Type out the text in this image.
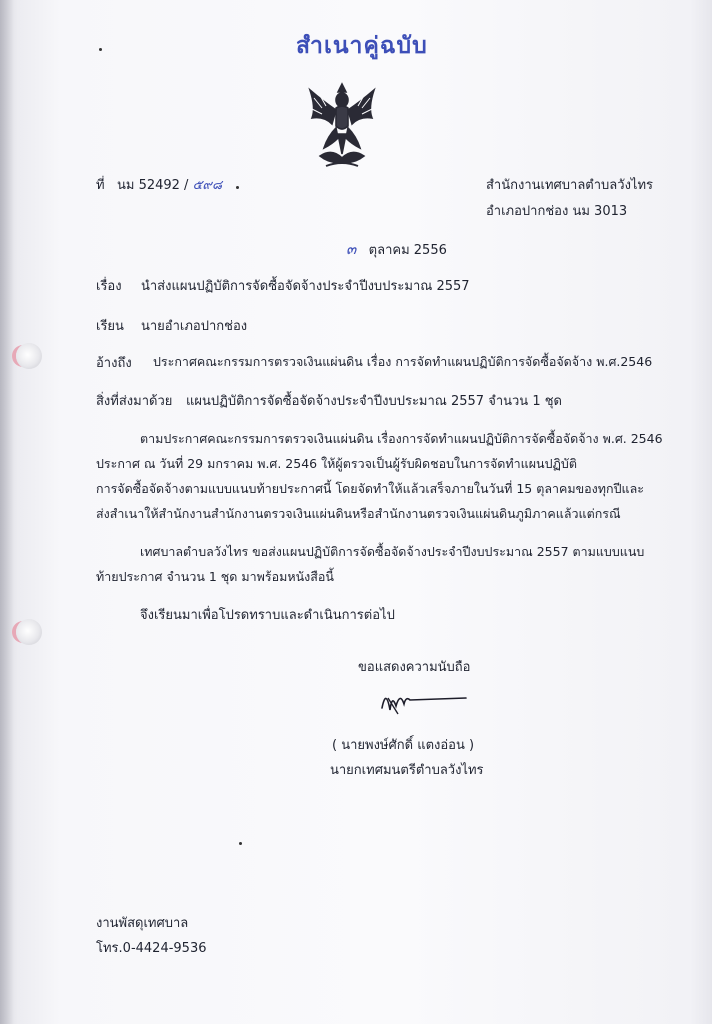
สำเนาคู่ฉบับ
ที่ นม 52492 / ๕๙๘	สำนักงานเทศบาลตำบลวังไทร
อำเภอปากช่อง นม 3013
๓ ตุลาคม 2556
เรื่อง นำส่งแผนปฏิบัติการจัดซื้อจัดจ้างประจำปีงบประมาณ 2557
เรียน นายอำเภอปากช่อง
อ้างถึง ประกาศคณะกรรมการตรวจเงินแผ่นดิน เรื่อง การจัดทำแผนปฏิบัติการจัดซื้อจัดจ้าง พ.ศ.2546
สิ่งที่ส่งมาด้วย แผนปฏิบัติการจัดซื้อจัดจ้างประจำปีงบประมาณ 2557 จำนวน 1 ชุด
ตามประกาศคณะกรรมการตรวจเงินแผ่นดิน เรื่องการจัดทำแผนปฏิบัติการจัดซื้อจัดจ้าง พ.ศ. 2546
ประกาศ ณ วันที่ 29 มกราคม พ.ศ. 2546 ให้ผู้ตรวจเป็นผู้รับผิดชอบในการจัดทำแผนปฏิบัติ
การจัดซื้อจัดจ้างตามแบบแนบท้ายประกาศนี้ โดยจัดทำให้แล้วเสร็จภายในวันที่ 15 ตุลาคมของทุกปีและ
ส่งสำเนาให้สำนักงานสำนักงานตรวจเงินแผ่นดินหรือสำนักงานตรวจเงินแผ่นดินภูมิภาคแล้วแต่กรณี
เทศบาลตำบลวังไทร ขอส่งแผนปฏิบัติการจัดซื้อจัดจ้างประจำปีงบประมาณ 2557 ตามแบบแนบ
ท้ายประกาศ จำนวน 1 ชุด มาพร้อมหนังสือนี้
จึงเรียนมาเพื่อโปรดทราบและดำเนินการต่อไป
ขอแสดงความนับถือ
( นายพงษ์ศักดิ์ แตงอ่อน )
นายกเทศมนตรีตำบลวังไทร
งานพัสดุเทศบาล
โทร.0-4424-9536
